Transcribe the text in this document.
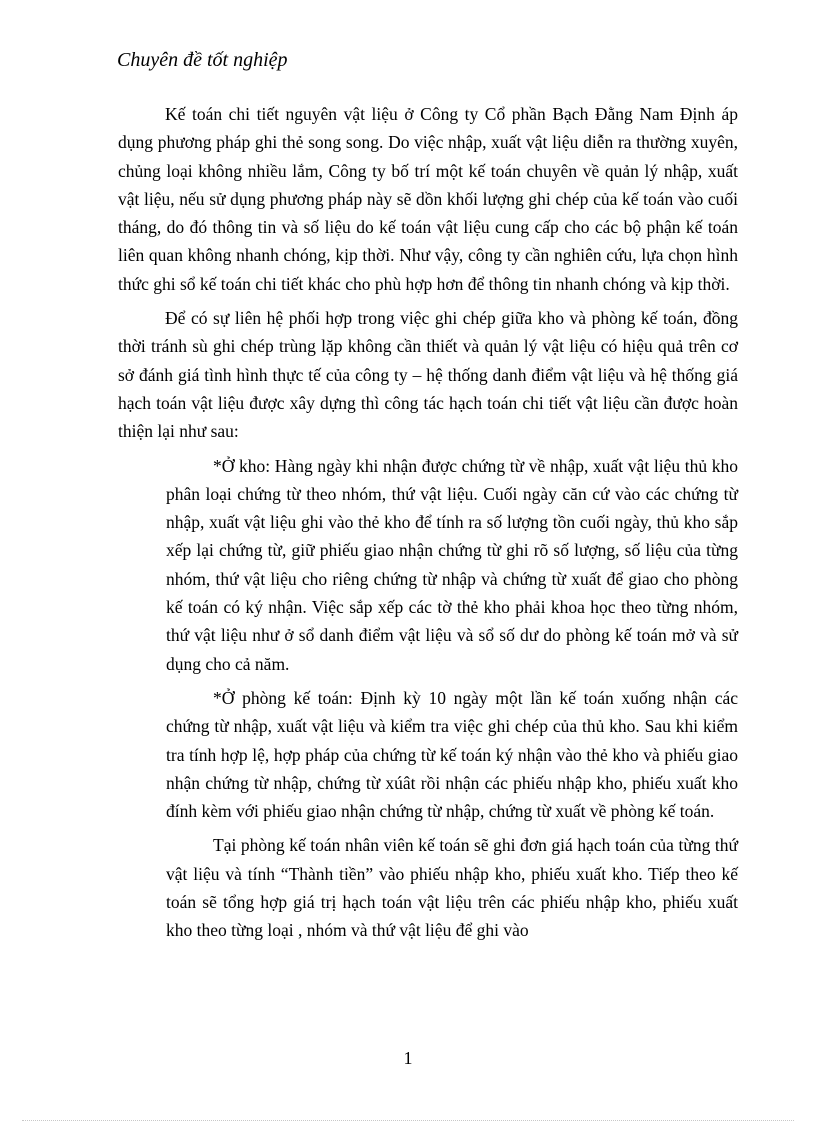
Chuyên đề tốt nghiệp

Kế toán chi tiết nguyên vật liệu ở Công ty Cổ phần Bạch Đằng Nam Định áp dụng phương pháp ghi thẻ song song. Do việc nhập, xuất vật liệu diễn ra thường xuyên, chủng loại không nhiều lắm, Công ty bố trí một kế toán chuyên về quản lý nhập, xuất vật liệu, nếu sử dụng phương pháp này sẽ dồn khối lượng ghi chép của kế toán vào cuối tháng, do đó thông tin và số liệu do kế toán vật liệu cung cấp cho các bộ phận kế toán liên quan không nhanh chóng, kịp thời. Như vậy, công ty cần nghiên cứu, lựa chọn hình thức ghi sổ kế toán chi tiết khác cho phù hợp hơn để thông tin nhanh chóng và kịp thời.

Để có sự liên hệ phối hợp trong việc ghi chép giữa kho và phòng kế toán, đồng thời tránh sù ghi chép trùng lặp không cần thiết và quản lý vật liệu có hiệu quả trên cơ sở đánh giá tình hình thực tế của công ty – hệ thống danh điểm vật liệu và hệ thống giá hạch toán vật liệu được xây dựng thì công tác hạch toán chi tiết vật liệu cần được hoàn thiện lại như sau:

*Ở kho: Hàng ngày khi nhận được chứng từ về nhập, xuất vật liệu thủ kho phân loại chứng từ theo nhóm, thứ vật liệu. Cuối ngày căn cứ vào các chứng từ nhập, xuất vật liệu ghi vào thẻ kho để tính ra số lượng tồn cuối ngày, thủ kho sắp xếp lại chứng từ, giữ phiếu giao nhận chứng từ ghi rõ số lượng, số liệu của từng nhóm, thứ vật liệu cho riêng chứng từ nhập và chứng từ xuất để giao cho phòng kế toán có ký nhận. Việc sắp xếp các tờ thẻ kho phải khoa học theo từng nhóm, thứ vật liệu như ở sổ danh điểm vật liệu và sổ số dư do phòng kế toán mở và sử dụng cho cả năm.

*Ở phòng kế toán: Định kỳ 10 ngày một lần kế toán xuống nhận các chứng từ nhập, xuất vật liệu và kiểm tra việc ghi chép của thủ kho. Sau khi kiểm tra tính hợp lệ, hợp pháp của chứng từ kế toán ký nhận vào thẻ kho và phiếu giao nhận chứng từ nhập, chứng từ xúât rồi nhận các phiếu nhập kho, phiếu xuất kho đính kèm với phiếu giao nhận chứng từ nhập, chứng từ xuất về phòng kế toán.

Tại phòng kế toán nhân viên kế toán sẽ ghi đơn giá hạch toán của từng thứ vật liệu và tính “Thành tiền” vào phiếu nhập kho, phiếu xuất kho. Tiếp theo kế toán sẽ tổng hợp giá trị hạch toán vật liệu trên các phiếu nhập kho, phiếu xuất kho theo từng loại , nhóm và thứ vật liệu để ghi vào

1
